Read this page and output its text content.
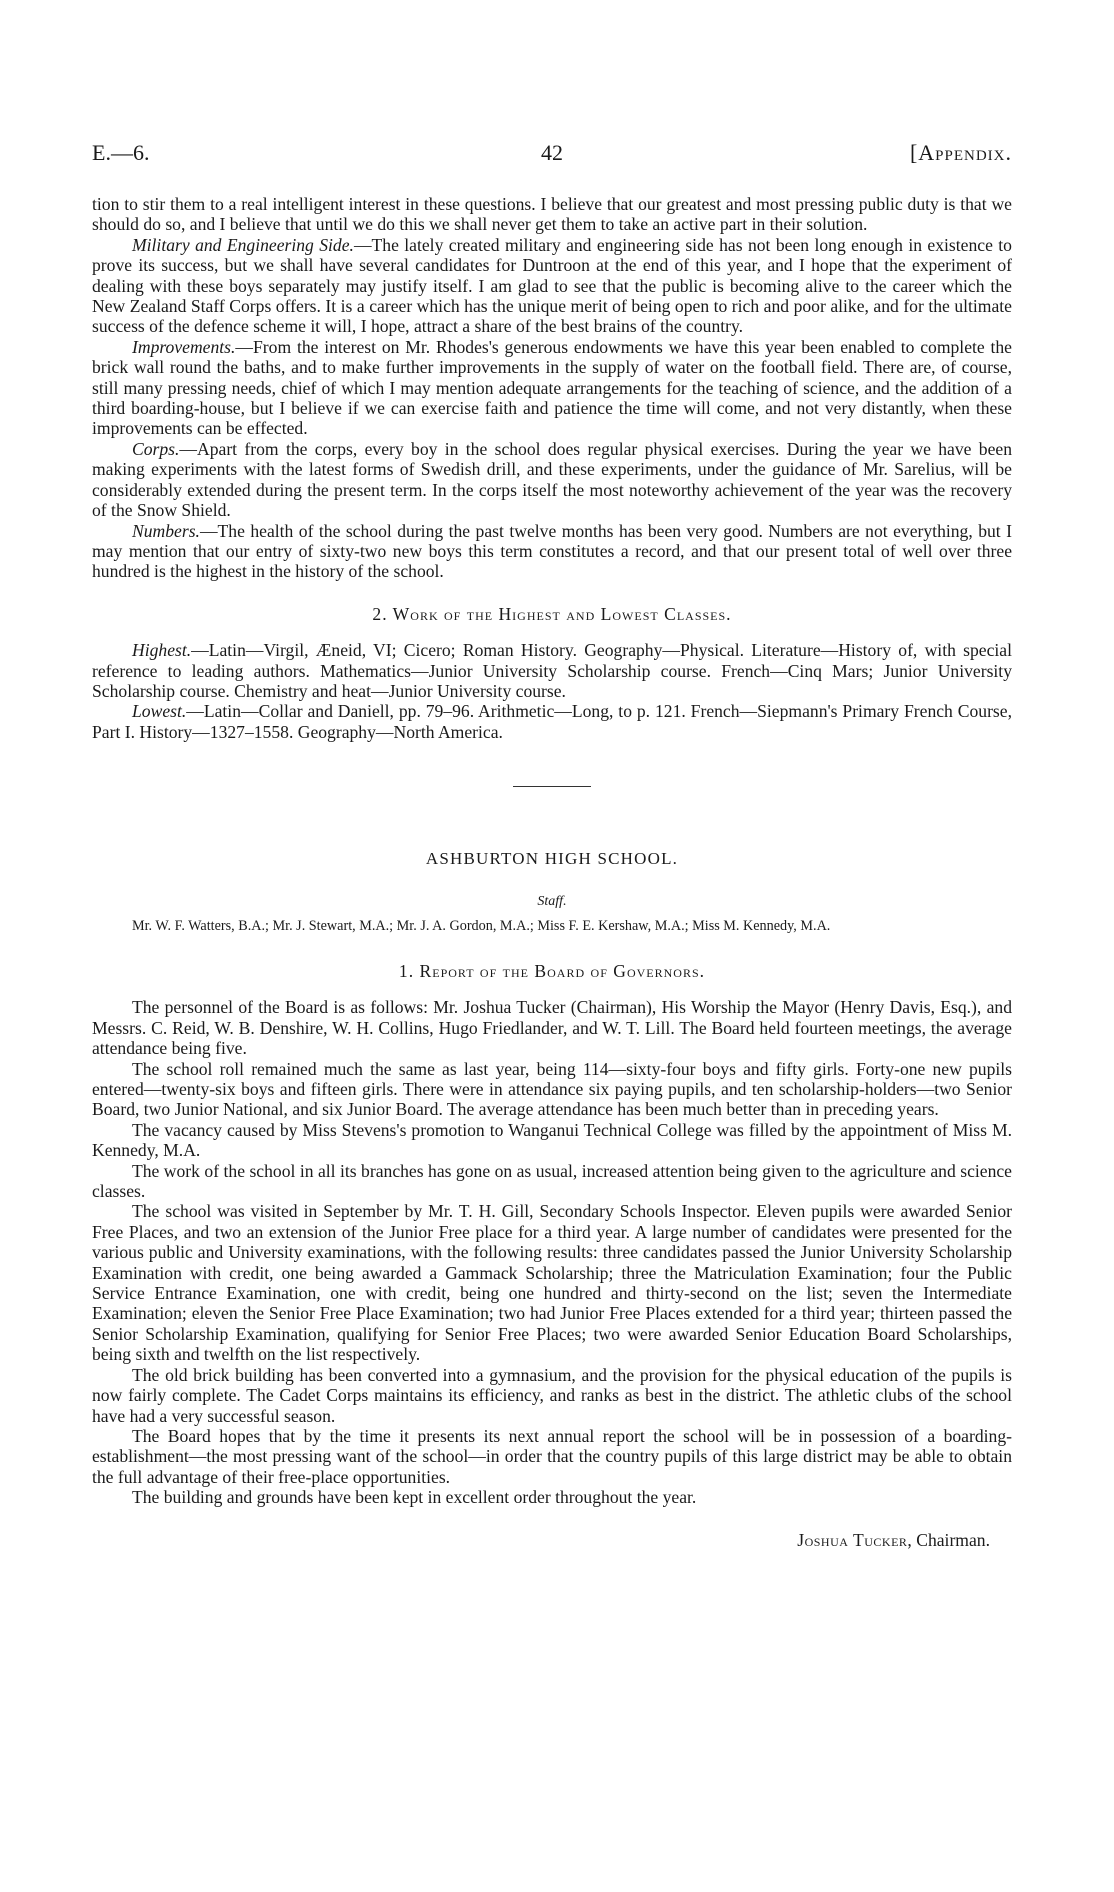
E.—6.	42	[Appendix.

tion to stir them to a real intelligent interest in these questions. I believe that our greatest and most pressing public duty is that we should do so, and I believe that until we do this we shall never get them to take an active part in their solution.

Military and Engineering Side.—The lately created military and engineering side has not been long enough in existence to prove its success, but we shall have several candidates for Duntroon at the end of this year, and I hope that the experiment of dealing with these boys separately may justify itself. I am glad to see that the public is becoming alive to the career which the New Zealand Staff Corps offers. It is a career which has the unique merit of being open to rich and poor alike, and for the ultimate success of the defence scheme it will, I hope, attract a share of the best brains of the country.

Improvements.—From the interest on Mr. Rhodes's generous endowments we have this year been enabled to complete the brick wall round the baths, and to make further improvements in the supply of water on the football field. There are, of course, still many pressing needs, chief of which I may mention adequate arrangements for the teaching of science, and the addition of a third boarding-house, but I believe if we can exercise faith and patience the time will come, and not very distantly, when these improvements can be effected.

Corps.—Apart from the corps, every boy in the school does regular physical exercises. During the year we have been making experiments with the latest forms of Swedish drill, and these experiments, under the guidance of Mr. Sarelius, will be considerably extended during the present term. In the corps itself the most noteworthy achievement of the year was the recovery of the Snow Shield.

Numbers.—The health of the school during the past twelve months has been very good. Numbers are not everything, but I may mention that our entry of sixty-two new boys this term constitutes a record, and that our present total of well over three hundred is the highest in the history of the school.

2. Work of the Highest and Lowest Classes.

Highest.—Latin—Virgil, Æneid, VI; Cicero; Roman History. Geography—Physical. Literature—History of, with special reference to leading authors. Mathematics—Junior University Scholarship course. French—Cinq Mars; Junior University Scholarship course. Chemistry and heat—Junior University course.

Lowest.—Latin—Collar and Daniell, pp. 79–96. Arithmetic—Long, to p. 121. French—Siepmann's Primary French Course, Part I. History—1327–1558. Geography—North America.

ASHBURTON HIGH SCHOOL.
Staff.

Mr. W. F. Watters, B.A.; Mr. J. Stewart, M.A.; Mr. J. A. Gordon, M.A.; Miss F. E. Kershaw, M.A.; Miss M. Kennedy, M.A.

1. Report of the Board of Governors.

The personnel of the Board is as follows: Mr. Joshua Tucker (Chairman), His Worship the Mayor (Henry Davis, Esq.), and Messrs. C. Reid, W. B. Denshire, W. H. Collins, Hugo Friedlander, and W. T. Lill. The Board held fourteen meetings, the average attendance being five.

The school roll remained much the same as last year, being 114—sixty-four boys and fifty girls. Forty-one new pupils entered—twenty-six boys and fifteen girls. There were in attendance six paying pupils, and ten scholarship-holders—two Senior Board, two Junior National, and six Junior Board. The average attendance has been much better than in preceding years.

The vacancy caused by Miss Stevens's promotion to Wanganui Technical College was filled by the appointment of Miss M. Kennedy, M.A.

The work of the school in all its branches has gone on as usual, increased attention being given to the agriculture and science classes.

The school was visited in September by Mr. T. H. Gill, Secondary Schools Inspector. Eleven pupils were awarded Senior Free Places, and two an extension of the Junior Free place for a third year. A large number of candidates were presented for the various public and University examinations, with the following results: three candidates passed the Junior University Scholarship Examination with credit, one being awarded a Gammack Scholarship; three the Matriculation Examination; four the Public Service Entrance Examination, one with credit, being one hundred and thirty-second on the list; seven the Intermediate Examination; eleven the Senior Free Place Examination; two had Junior Free Places extended for a third year; thirteen passed the Senior Scholarship Examination, qualifying for Senior Free Places; two were awarded Senior Education Board Scholarships, being sixth and twelfth on the list respectively.

The old brick building has been converted into a gymnasium, and the provision for the physical education of the pupils is now fairly complete. The Cadet Corps maintains its efficiency, and ranks as best in the district. The athletic clubs of the school have had a very successful season.

The Board hopes that by the time it presents its next annual report the school will be in possession of a boarding-establishment—the most pressing want of the school—in order that the country pupils of this large district may be able to obtain the full advantage of their free-place opportunities.

The building and grounds have been kept in excellent order throughout the year.

Joshua Tucker, Chairman.
